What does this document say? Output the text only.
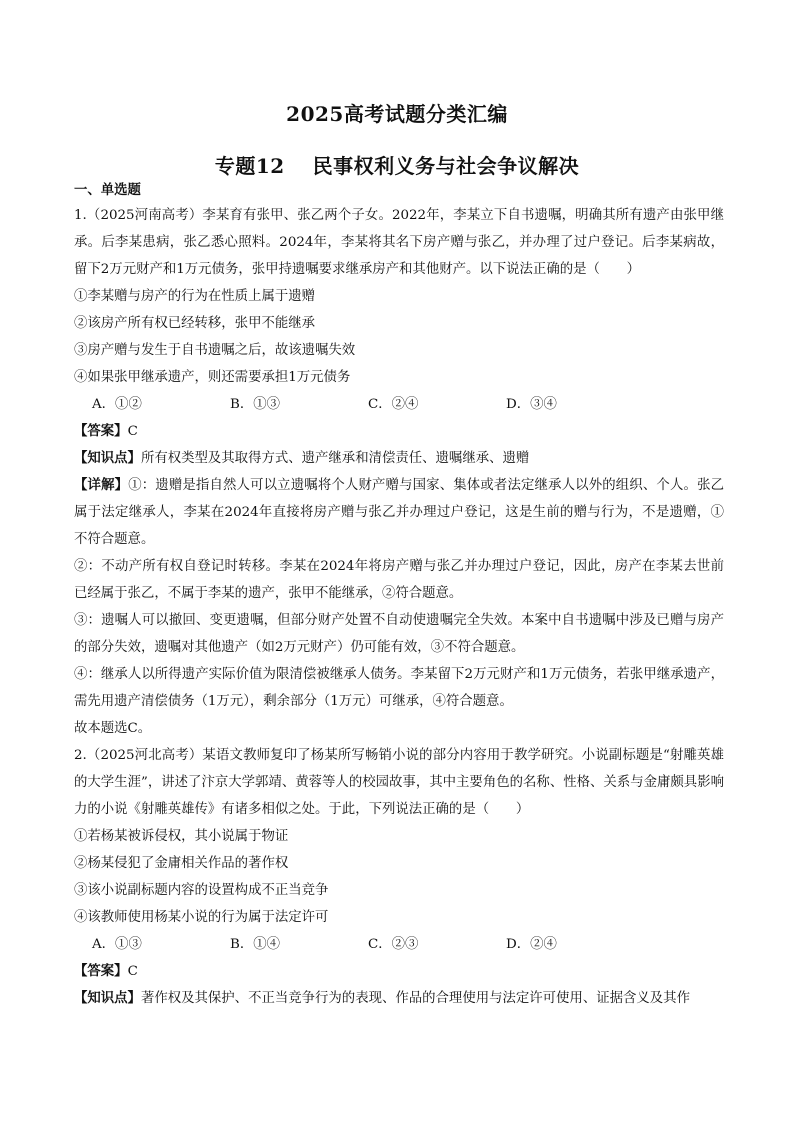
2025高考试题分类汇编
专题12 民事权利义务与社会争议解决
一、单选题
1.（2025河南高考）李某育有张甲、张乙两个子女。2022年，李某立下自书遗嘱，明确其所有遗产由张甲继承。后李某患病，张乙悉心照料。2024年，李某将其名下房产赠与张乙，并办理了过户登记。后李某病故，留下2万元财产和1万元债务，张甲持遗嘱要求继承房产和其他财产。以下说法正确的是（　　）
①李某赠与房产的行为在性质上属于遗赠
②该房产所有权已经转移，张甲不能继承
③房产赠与发生于自书遗嘱之后，故该遗嘱失效
④如果张甲继承遗产，则还需要承担1万元债务
A．①②	B．①③	C．②④	D．③④
【答案】C
【知识点】所有权类型及其取得方式、遗产继承和清偿责任、遗嘱继承、遗赠
【详解】①：遗赠是指自然人可以立遗嘱将个人财产赠与国家、集体或者法定继承人以外的组织、个人。张乙属于法定继承人，李某在2024年直接将房产赠与张乙并办理过户登记，这是生前的赠与行为，不是遗赠，①不符合题意。
②：不动产所有权自登记时转移。李某在2024年将房产赠与张乙并办理过户登记，因此，房产在李某去世前已经属于张乙，不属于李某的遗产，张甲不能继承，②符合题意。
③：遗嘱人可以撤回、变更遗嘱，但部分财产处置不自动使遗嘱完全失效。本案中自书遗嘱中涉及已赠与房产的部分失效，遗嘱对其他遗产（如2万元财产）仍可能有效，③不符合题意。
④：继承人以所得遗产实际价值为限清偿被继承人债务。李某留下2万元财产和1万元债务，若张甲继承遗产，需先用遗产清偿债务（1万元），剩余部分（1万元）可继承，④符合题意。
故本题选C。
2.（2025河北高考）某语文教师复印了杨某所写畅销小说的部分内容用于教学研究。小说副标题是“射雕英雄的大学生涯”，讲述了汴京大学郭靖、黄蓉等人的校园故事，其中主要角色的名称、性格、关系与金庸颇具影响力的小说《射雕英雄传》有诸多相似之处。于此，下列说法正确的是（　　）
①若杨某被诉侵权，其小说属于物证
②杨某侵犯了金庸相关作品的著作权
③该小说副标题内容的设置构成不正当竞争
④该教师使用杨某小说的行为属于法定许可
A．①③	B．①④	C．②③	D．②④
【答案】C
【知识点】著作权及其保护、不正当竞争行为的表现、作品的合理使用与法定许可使用、证据含义及其作
